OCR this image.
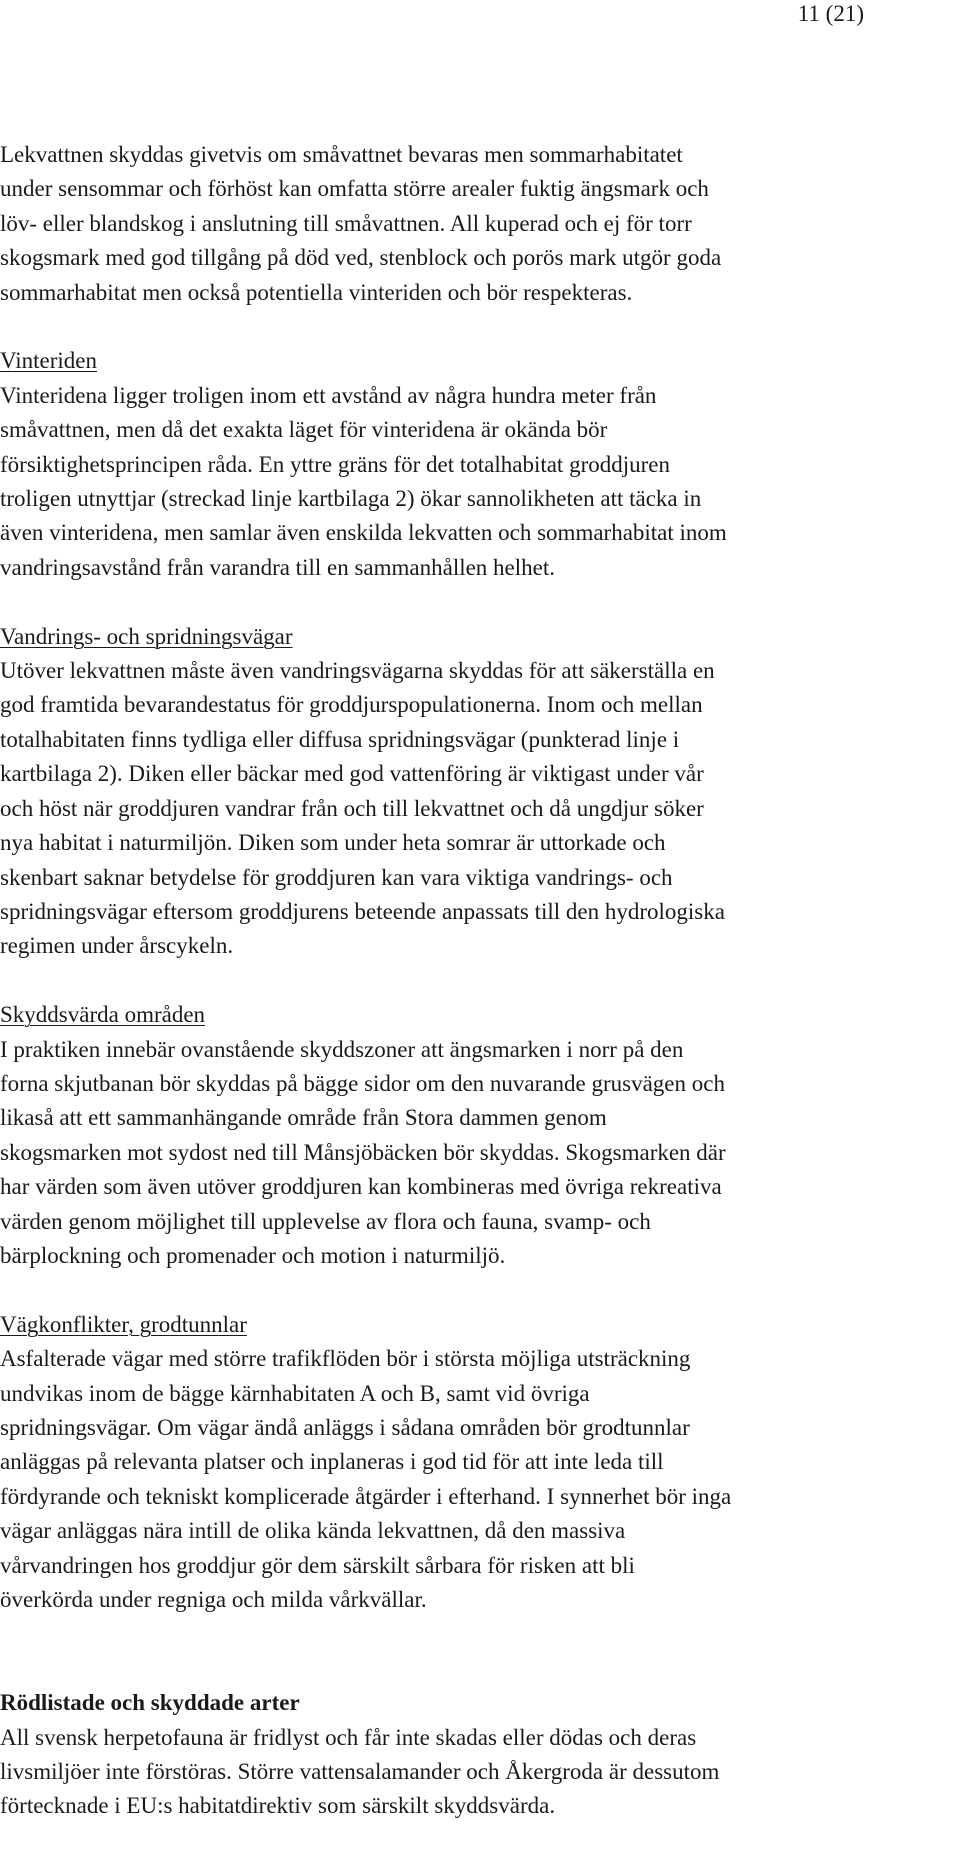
11 (21)
Lekvattnen skyddas givetvis om småvattnet bevaras men sommarhabitatet
under sensommar och förhöst kan omfatta större arealer fuktig ängsmark och
löv- eller blandskog i anslutning till småvattnen. All kuperad och ej för torr
skogsmark med god tillgång på död ved, stenblock och porös mark utgör goda
sommarhabitat men också potentiella vinteriden och bör respekteras.
Vinteriden
Vinteridena ligger troligen inom ett avstånd av några hundra meter från
småvattnen, men då det exakta läget för vinteridena är okända bör
försiktighetsprincipen råda. En yttre gräns för det totalhabitat groddjuren
troligen utnyttjar (streckad linje kartbilaga 2) ökar sannolikheten att täcka in
även vinteridena, men samlar även enskilda lekvatten och sommarhabitat inom
vandringsavstånd från varandra till en sammanhållen helhet.
Vandrings- och spridningsvägar
Utöver lekvattnen måste även vandringsvägarna skyddas för att säkerställa en
god framtida bevarandestatus för groddjurspopulationerna. Inom och mellan
totalhabitaten finns tydliga eller diffusa spridningsvägar (punkterad linje i
kartbilaga 2). Diken eller bäckar med god vattenföring är viktigast under vår
och höst när groddjuren vandrar från och till lekvattnet och då ungdjur söker
nya habitat i naturmiljön. Diken som under heta somrar är uttorkade och
skenbart saknar betydelse för groddjuren kan vara viktiga vandrings- och
spridningsvägar eftersom groddjurens beteende anpassats till den hydrologiska
regimen under årscykeln.
Skyddsvärda områden
I praktiken innebär ovanstående skyddszoner att ängsmarken i norr på den
forna skjutbanan bör skyddas på bägge sidor om den nuvarande grusvägen och
likaså att ett sammanhängande område från Stora dammen genom
skogsmarken mot sydost ned till Månsjöbäcken bör skyddas. Skogsmarken där
har värden som även utöver groddjuren kan kombineras med övriga rekreativa
värden genom möjlighet till upplevelse av flora och fauna, svamp- och
bärplockning och promenader och motion i naturmiljö.
Vägkonflikter, grodtunnlar
Asfalterade vägar med större trafikflöden bör i största möjliga utsträckning
undvikas inom de bägge kärnhabitaten A och B, samt vid övriga
spridningsvägar. Om vägar ändå anläggs i sådana områden bör grodtunnlar
anläggas på relevanta platser och inplaneras i god tid för att inte leda till
fördyrande och tekniskt komplicerade åtgärder i efterhand. I synnerhet bör inga
vägar anläggas nära intill de olika kända lekvattnen, då den massiva
vårvandringen hos groddjur gör dem särskilt sårbara för risken att bli
överkörda under regniga och milda vårkvällar.
Rödlistade och skyddade arter
All svensk herpetofauna är fridlyst och får inte skadas eller dödas och deras
livsmiljöer inte förstöras. Större vattensalamander och Åkergroda är dessutom
förtecknade i EU:s habitatdirektiv som särskilt skyddsvärda.
